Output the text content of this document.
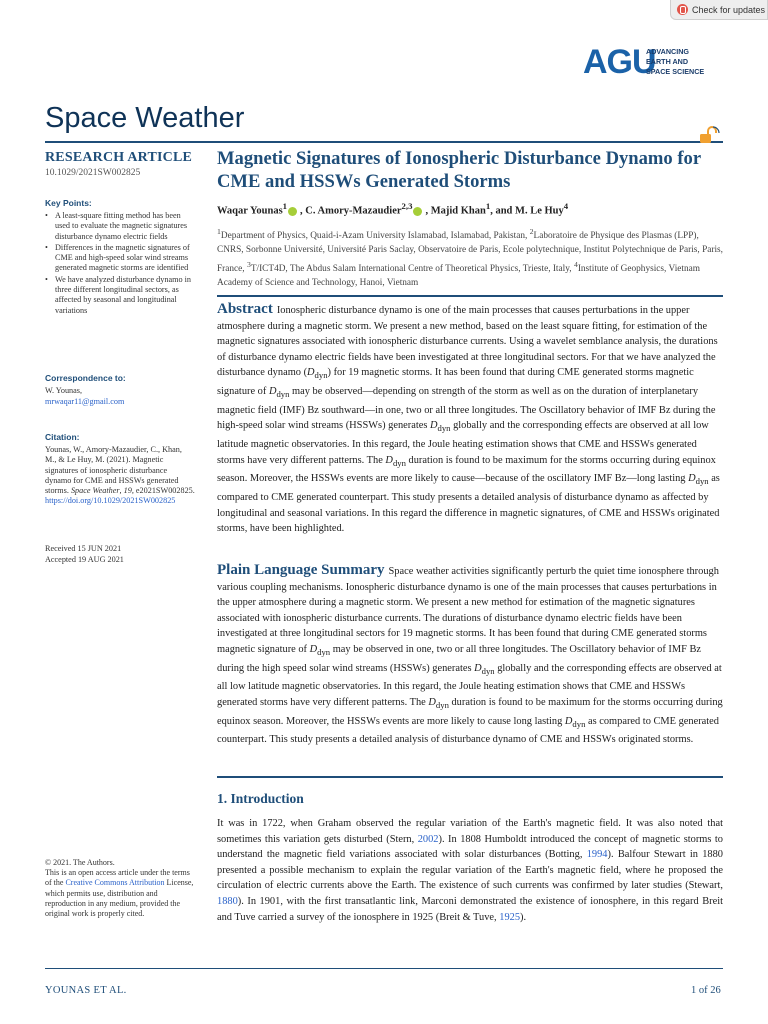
Check for updates
AGU
ADVANCING
EARTH AND
SPACE SCIENCE
Space Weather
RESEARCH ARTICLE
10.1029/2021SW002825
Key Points:
• A least-square fitting method has been used to evaluate the magnetic signatures disturbance dynamo electric fields
• Differences in the magnetic signatures of CME and high-speed solar wind streams generated magnetic storms are identified
• We have analyzed disturbance dynamo in three different longitudinal sectors, as affected by seasonal and longitudinal variations
Correspondence to:
W. Younas,
mrwaqar11@gmail.com
Citation:
Younas, W., Amory-Mazaudier, C., Khan, M., & Le Huy, M. (2021). Magnetic signatures of ionospheric disturbance dynamo for CME and HSSWs generated storms. Space Weather, 19, e2021SW002825. https://doi.org/10.1029/2021SW002825
Received 15 JUN 2021
Accepted 19 AUG 2021
© 2021. The Authors.
This is an open access article under the terms of the Creative Commons Attribution License, which permits use, distribution and reproduction in any medium, provided the original work is properly cited.
Magnetic Signatures of Ionospheric Disturbance Dynamo for CME and HSSWs Generated Storms
Waqar Younas$^1$ , C. Amory-Mazaudier$^{2,3}$ , Majid Khan$^1$, and M. Le Huy$^4$
$^1$Department of Physics, Quaid-i-Azam University Islamabad, Islamabad, Pakistan, $^2$Laboratoire de Physique des Plasmas (LPP), CNRS, Sorbonne Université, Université Paris Saclay, Observatoire de Paris, Ecole polytechnique, Institut Polytechnique de Paris, Paris, France, $^3$T/ICT4D, The Abdus Salam International Centre of Theoretical Physics, Trieste, Italy, $^4$Institute of Geophysics, Vietnam Academy of Science and Technology, Hanoi, Vietnam

Abstract Ionospheric disturbance dynamo is one of the main processes that causes perturbations in the upper atmosphere during a magnetic storm. We present a new method, based on the least square fitting, for estimation of the magnetic signatures associated with ionospheric disturbance currents. Using a wavelet semblance analysis, the durations of disturbance dynamo electric fields have been investigated at three longitudinal sectors. For that we have analyzed the disturbance dynamo $(D_{dyn})$ for 19 magnetic storms. It has been found that during CME generated storms magnetic signature of $D_{dyn}$ may be observed—depending on strength of the storm as well as on the duration of interplanetary magnetic field (IMF) Bz southward—in one, two or all three longitudes. The Oscillatory behavior of IMF Bz during the high-speed solar wind streams (HSSWs) generates $D_{dyn}$ globally and the corresponding effects are observed at all low latitude magnetic observatories. In this regard, the Joule heating estimation shows that CME and HSSWs generated storms have very different patterns. The $D_{dyn}$ duration is found to be maximum for the storms occurring during equinox season. Moreover, the HSSWs events are more likely to cause—because of the oscillatory IMF Bz—long lasting $D_{dyn}$ as compared to CME generated counterpart. This study presents a detailed analysis of disturbance dynamo as affected by longitudinal and seasonal variations. In this regard the difference in magnetic signatures, of CME and HSSWs originated storms, have been highlighted.

Plain Language Summary Space weather activities significantly perturb the quiet time ionosphere through various coupling mechanisms. Ionospheric disturbance dynamo is one of the main processes that causes perturbations in the upper atmosphere during a magnetic storm. We present a new method for estimation of the magnetic signatures associated with ionospheric disturbance currents. The durations of disturbance dynamo electric fields have been investigated at three longitudinal sectors for 19 magnetic storms. It has been found that during CME generated storms magnetic signature of $D_{dyn}$ may be observed in one, two or all three longitudes. The Oscillatory behavior of IMF Bz during the high speed solar wind streams (HSSWs) generates $D_{dyn}$ globally and the corresponding effects are observed at all low latitude magnetic observatories. In this regard, the Joule heating estimation shows that CME and HSSWs generated storms have very different patterns. The $D_{dyn}$ duration is found to be maximum for the storms occurring during equinox season. Moreover, the HSSWs events are more likely to cause long lasting $D_{dyn}$ as compared to CME generated counterpart. This study presents a detailed analysis of disturbance dynamo of CME and HSSWs originated storms.

1. Introduction

It was in 1722, when Graham observed the regular variation of the Earth's magnetic field. It was also noted that sometimes this variation gets disturbed (Stern, 2002). In 1808 Humboldt introduced the concept of magnetic storms to understand the magnetic field variations associated with solar disturbances (Botting, 1994). Balfour Stewart in 1880 presented a possible mechanism to explain the regular variation of the Earth's magnetic field, where he proposed the circulation of electric currents above the Earth. The existence of such currents was confirmed by later studies (Stewart, 1880). In 1901, with the first transatlantic link, Marconi demonstrated the existence of ionosphere, in this regard Breit and Tuve carried a survey of the ionosphere in 1925 (Breit & Tuve, 1925).

YOUNAS ET AL.	1 of 26
